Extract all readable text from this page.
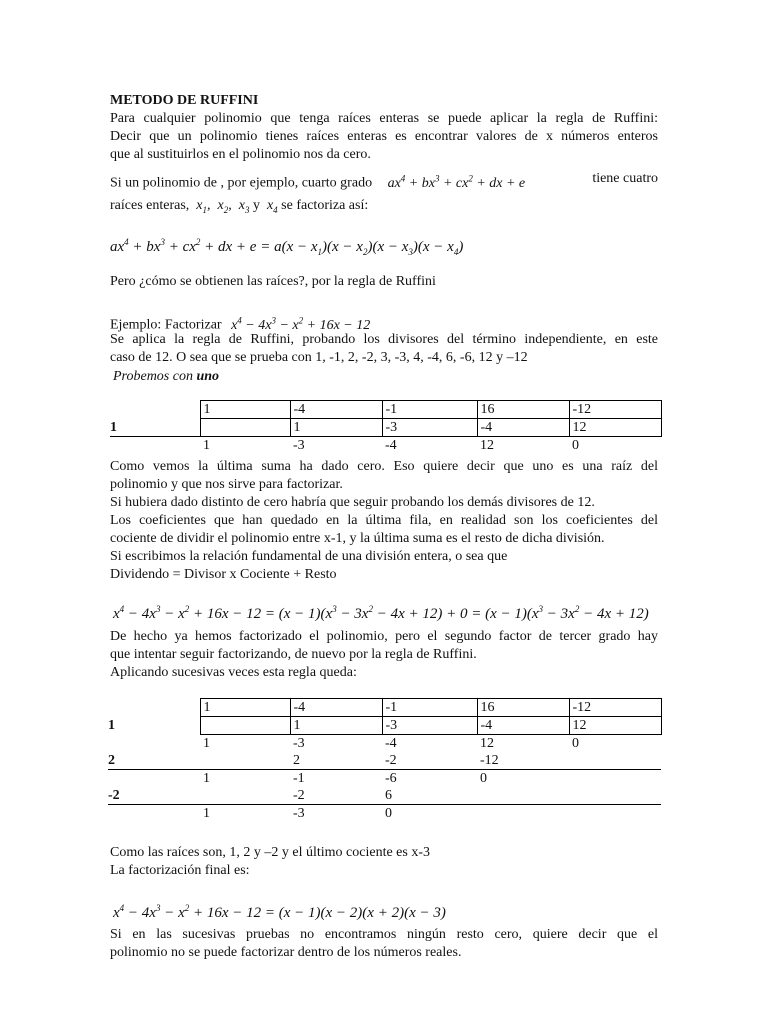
METODO DE RUFFINI
Para cualquier polinomio que tenga raíces enteras se puede aplicar la regla de Ruffini:
Decir que un polinomio tienes raíces enteras es encontrar valores de x números enteros
que al sustituirlos en el polinomio nos da cero.
Si un polinomio de , por ejemplo, cuarto grado $ax^4 + bx^3 + cx^2$ + dx + e	tiene cuatro
raíces enteras,  $x_1$,  $x_2$,  $x_3$ y  $x_4$ se factoriza así:
$ax^4 + bx^3 + cx^2$ + dx + $e = a(x - x_1)(x - x_2)(x - x_3)(x - x_4)$
Pero ¿cómo se obtienen las raíces?, por la regla de Ruffini
Ejemplo: Factorizar $x^4 - 4x^3 - x^2 + 16x - 12$
Se aplica la regla de Ruffini, probando los divisores del término independiente, en este
caso de 12. O sea que se prueba con 1, -1, 2, -2, 3, -3, 4, -4, 6, -6, 12 y –12
Probemos con uno
	1	-4	-1	16	-12
1		1	-3	-4	12
	1	-3	-4	12	0
Como vemos la última suma ha dado cero. Eso quiere decir que uno es una raíz del
polinomio y que nos sirve para factorizar.
Si hubiera dado distinto de cero habría que seguir probando los demás divisores de 12.
Los coeficientes que han quedado en la última fila, en realidad son los coeficientes del
cociente de dividir el polinomio entre x-1, y la última suma es el resto de dicha división.
Si escribimos la relación fundamental de una división entera, o sea que
Dividendo = Divisor x Cociente + Resto
$x^4 - 4x^3 - x^2 + 16x - 12 = (x - 1)(x^3 - 3x^2 - 4x + 12) + 0 = (x - 1)(x^3 - 3x^2 - 4x + 12)$
De hecho ya hemos factorizado el polinomio, pero el segundo factor de tercer grado hay
que intentar seguir factorizando, de nuevo por la regla de Ruffini.
Aplicando sucesivas veces esta regla queda:
	1	-4	-1	16	-12
1		1	-3	-4	12
	1	-3	-4	12	0
2		2	-2	-12	
	1	-1	-6	0	
-2		-2	6		
	1	-3	0		
Como las raíces son, 1, 2 y –2 y el último cociente es x-3
La factorización final es:
$x^4 - 4x^3 - x^2 + 16x - 12 = (x - 1)(x - 2)(x + 2)(x - 3)$
Si en las sucesivas pruebas no encontramos ningún resto cero, quiere decir que el
polinomio no se puede factorizar dentro de los números reales.
